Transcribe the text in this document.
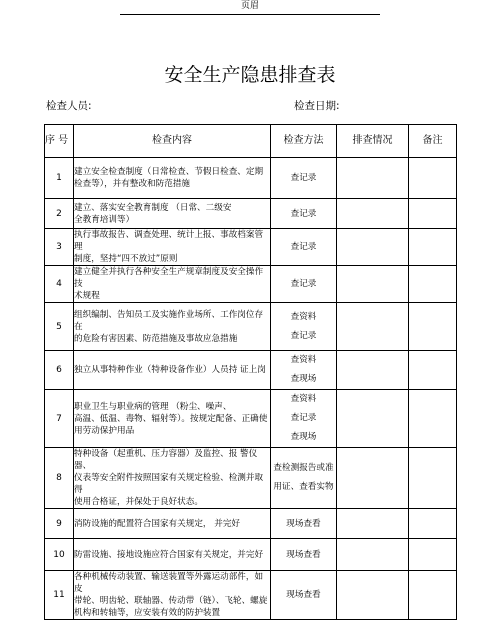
页眉
安全生产隐患排查表
检查人员:	检查日期:
序 号	检查内容	检查方法	排查情况	备注
1	建立安全检查制度（日常检查、节假日检查、定期
检查等），并有整改和防范措施	查记录		
2	建立、落实安全教育制度 （日常、二级安
全教育培训等）	查记录		
3	执行事故报告、调查处理、统计上报、事故档案管理
制度，坚持“四不放过”原则	查记录		
4	建立健全并执行各种安全生产规章制度及安全操作技
术规程	查记录		
5	组织编制、告知员工及实施作业场所、工作岗位存在
的危险有害因素、防范措施及事故应急措施	查资料
查记录		

6	独立从事特种作业（特种设备作业）人员持 证上岗	查资料
查现场		

7	职业卫生与职业病的管理 （粉尘、噪声、
高温、低温、毒物、辐射等）。按规定配备、正确使
用劳动保护用品	查资料
查记录
查现场		

8	特种设备（起重机、压力容器）及监控、报 警仪器、
仪表等安全附件按照国家有关规定检验、检测并取得
使用合格证，并保处于良好状态。	查检测报告或准
用证、查看实物		

9	消防设施的配置符合国家有关规定， 并完好	现场查看		
10	防雷设施、接地设施应符合国家有关规定，并完好	现场查看		
11	各种机械传动装置、输送装置等外露运动部件，如皮
带轮、明齿轮、联轴器、传动带（链）、飞轮、螺旋
机构和转轴等，应安装有效的防护装置	现场查看		
